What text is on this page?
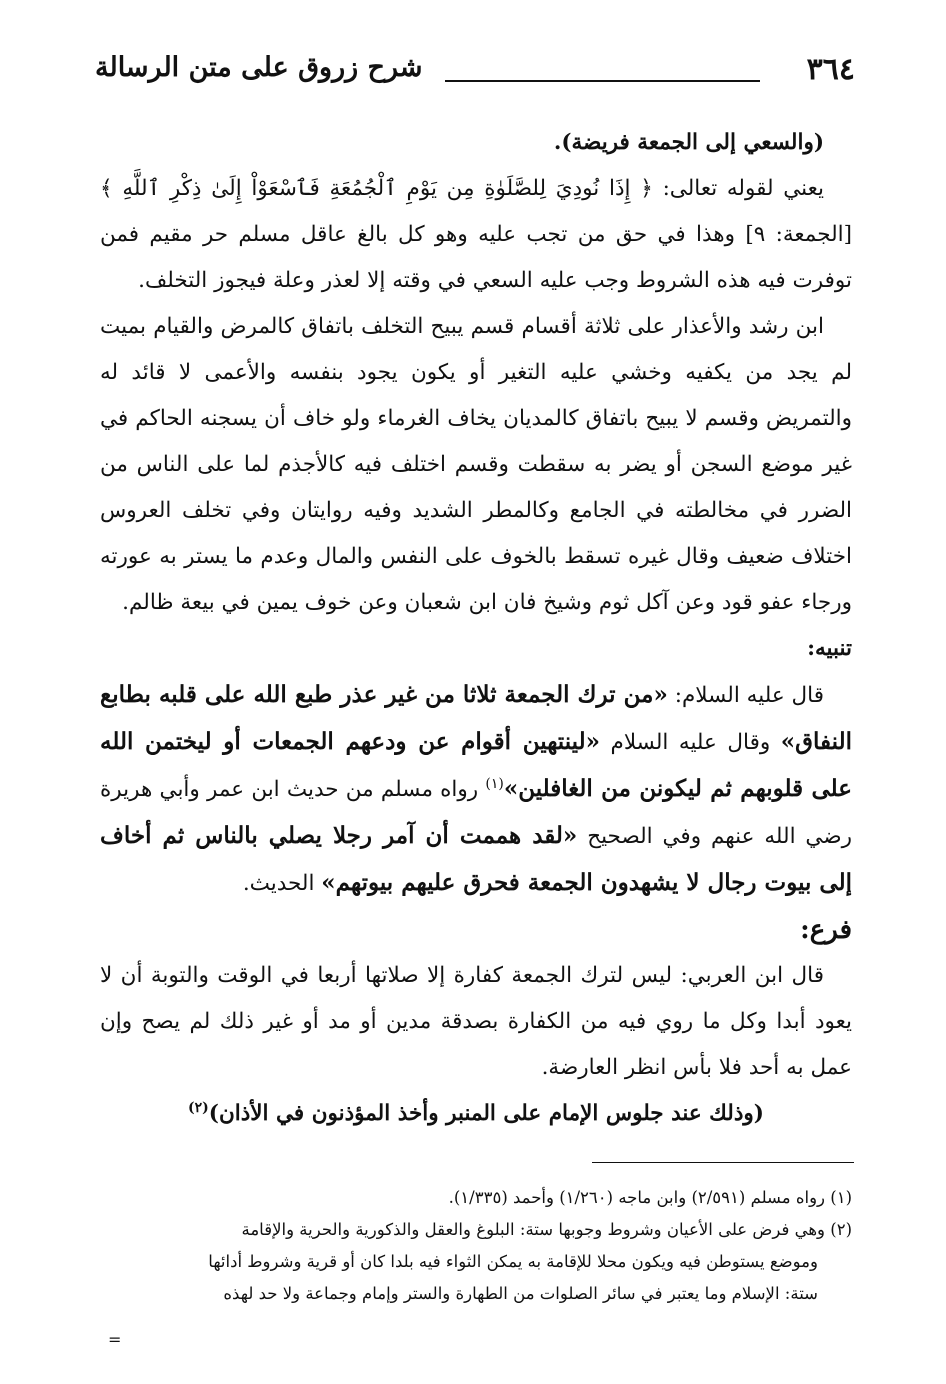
٣٦٤
شرح زروق على متن الرسالة

(والسعي إلى الجمعة فريضة).

يعني لقوله تعالى: ﴿ إِذَا نُودِيَ لِلصَّلَوٰةِ مِن يَوْمِ ٱلْجُمُعَةِ فَٱسْعَوْاْ إِلَىٰ ذِكْرِ ٱللَّهِ ﴾ [الجمعة: ٩] وهذا في حق من تجب عليه وهو كل بالغ عاقل مسلم حر مقيم فمن توفرت فيه هذه الشروط وجب عليه السعي في وقته إلا لعذر وعلة فيجوز التخلف.

ابن رشد والأعذار على ثلاثة أقسام قسم يبيح التخلف باتفاق كالمرض والقيام بميت لم يجد من يكفيه وخشي عليه التغير أو يكون يجود بنفسه والأعمى لا قائد له والتمريض وقسم لا يبيح باتفاق كالمديان يخاف الغرماء ولو خاف أن يسجنه الحاكم في غير موضع السجن أو يضر به سقطت وقسم اختلف فيه كالأجذم لما على الناس من الضرر في مخالطته في الجامع وكالمطر الشديد وفيه روايتان وفي تخلف العروس اختلاف ضعيف وقال غيره تسقط بالخوف على النفس والمال وعدم ما يستر به عورته ورجاء عفو قود وعن آكل ثوم وشيخ فان ابن شعبان وعن خوف يمين في بيعة ظالم.

تنبيه:

قال عليه السلام: «من ترك الجمعة ثلاثا من غير عذر طبع الله على قلبه بطابع النفاق» وقال عليه السلام «لينتهين أقوام عن ودعهم الجمعات أو ليختمن الله على قلوبهم ثم ليكونن من الغافلين»$^{(١)}$ رواه مسلم من حديث ابن عمر وأبي هريرة رضي الله عنهم وفي الصحيح «لقد هممت أن آمر رجلا يصلي بالناس ثم أخاف إلى بيوت رجال لا يشهدون الجمعة فحرق عليهم بيوتهم» الحديث.

فرع:

قال ابن العربي: ليس لترك الجمعة كفارة إلا صلاتها أربعا في الوقت والتوبة أن لا يعود أبدا وكل ما روي فيه من الكفارة بصدقة مدين أو مد أو غير ذلك لم يصح وإن عمل به أحد فلا بأس انظر العارضة.

(وذلك عند جلوس الإمام على المنبر وأخذ المؤذنون في الأذان)$^{(٢)}$

(١) رواه مسلم (٢/٥٩١) وابن ماجه (١/٢٦٠) وأحمد (١/٣٣٥).

(٢) وهي فرض على الأعيان وشروط وجوبها ستة: البلوغ والعقل والذكورية والحرية والإقامة

وموضع يستوطن فيه ويكون محلا للإقامة به يمكن الثواء فيه بلدا كان أو قرية وشروط أدائها

ستة: الإسلام وما يعتبر في سائر الصلوات من الطهارة والستر وإمام وجماعة ولا حد لهذه

=
